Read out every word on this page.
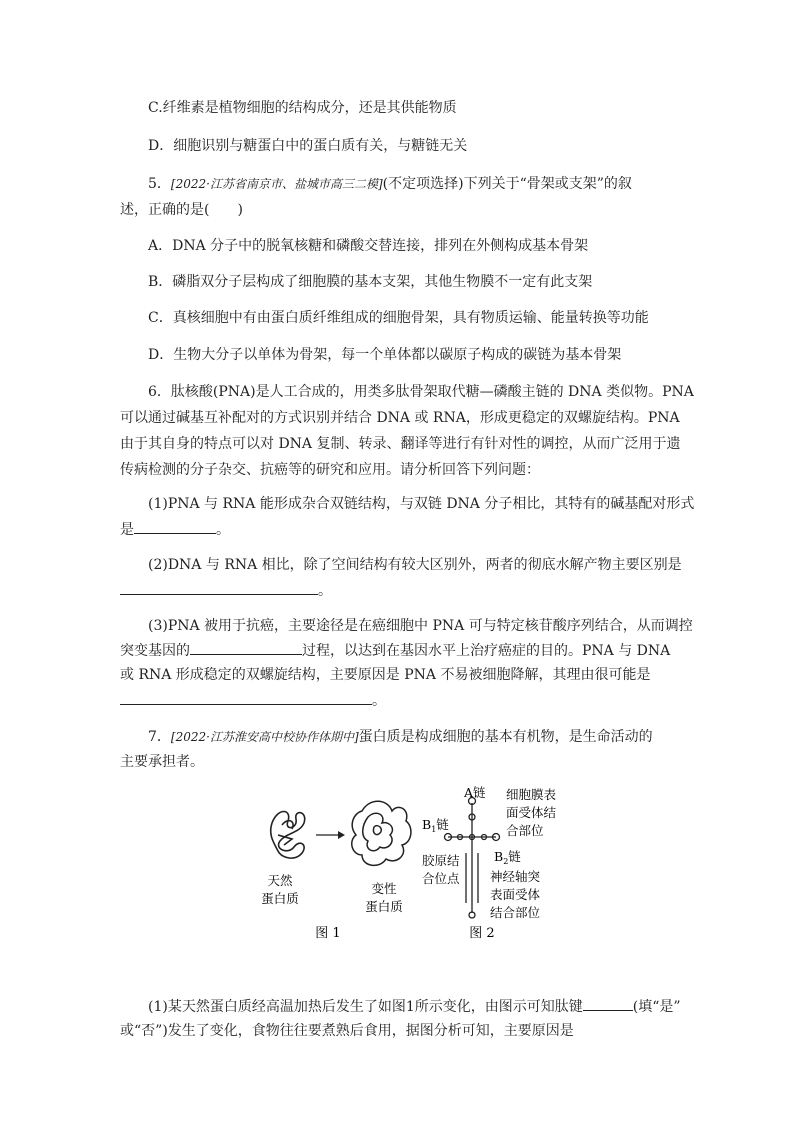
C.纤维素是植物细胞的结构成分，还是其供能物质
D．细胞识别与糖蛋白中的蛋白质有关，与糖链无关
5．[2022·江苏省南京市、盐城市高三二模](不定项选择)下列关于“骨架或支架”的叙
述，正确的是(　　)
A．DNA 分子中的脱氧核糖和磷酸交替连接，排列在外侧构成基本骨架
B．磷脂双分子层构成了细胞膜的基本支架，其他生物膜不一定有此支架
C．真核细胞中有由蛋白质纤维组成的细胞骨架，具有物质运输、能量转换等功能
D．生物大分子以单体为骨架，每一个单体都以碳原子构成的碳链为基本骨架
6．肽核酸(PNA)是人工合成的，用类多肽骨架取代糖—磷酸主链的 DNA 类似物。PNA
可以通过碱基互补配对的方式识别并结合 DNA 或 RNA，形成更稳定的双螺旋结构。PNA
由于其自身的特点可以对 DNA 复制、转录、翻译等进行有针对性的调控，从而广泛用于遗
传病检测的分子杂交、抗癌等的研究和应用。请分析回答下列问题：
(1)PNA 与 RNA 能形成杂合双链结构，与双链 DNA 分子相比，其特有的碱基配对形式
是	。
(2)DNA 与 RNA 相比，除了空间结构有较大区别外，两者的彻底水解产物主要区别是
。
(3)PNA 被用于抗癌，主要途径是在癌细胞中 PNA 可与特定核苷酸序列结合，从而调控
突变基因的	过程，以达到在基因水平上治疗癌症的目的。PNA 与 DNA
或 RNA 形成稳定的双螺旋结构，主要原因是 PNA 不易被细胞降解，其理由很可能是
。
7．[2022·江苏淮安高中校协作体期中]蛋白质是构成细胞的基本有机物，是生命活动的
主要承担者。
天然
蛋白质
变性
蛋白质
图 1
A链
$B_1$链
$B_2$链
细胞膜表
面受体结
合部位
胶原结
合位点 神经轴突
表面受体
结合部位
图 2
(1)某天然蛋白质经高温加热后发生了如图1所示变化，由图示可知肽键	(填“是”
或“否”)发生了变化，食物往往要煮熟后食用，据图分析可知，主要原因是
